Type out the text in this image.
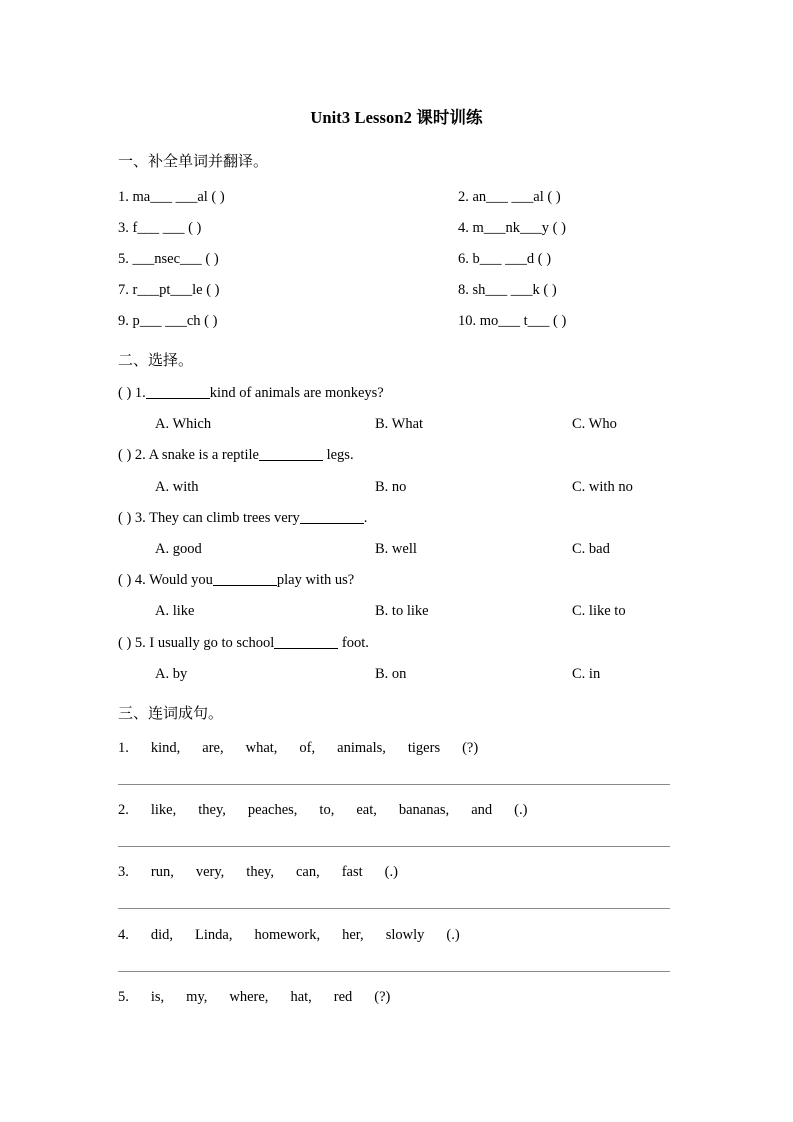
Unit3 Lesson2 课时训练
一、补全单词并翻译。
1. ma___ ___al ( )	2. an___ ___al ( )
3. f___ ___ ( )	4. m___nk___y ( )
5. ___nsec___ ( )	6. b___ ___d ( )
7. r___pt___le ( )	8. sh___ ___k ( )
9. p___ ___ch ( )	10. mo___ t___ ( )
二、选择。
( ) 1.	kind of animals are monkeys?
A. Which	B. What	C. Who
( ) 2. A snake is a reptile	legs.
A. with	B. no	C. with no
( ) 3. They can climb trees very	.
A. good	B. well	C. bad
( ) 4. Would you	play with us?
A. like	B. to like	C. like to
( ) 5. I usually go to school	foot.
A. by	B. on	C. in
三、连词成句。
1. kind, are, what, of, animals, tigers (?)
2. like, they, peaches, to, eat, bananas, and (.)
3. run, very, they, can, fast (.)
4. did, Linda, homework, her, slowly (.)
5. is, my, where, hat, red (?)
